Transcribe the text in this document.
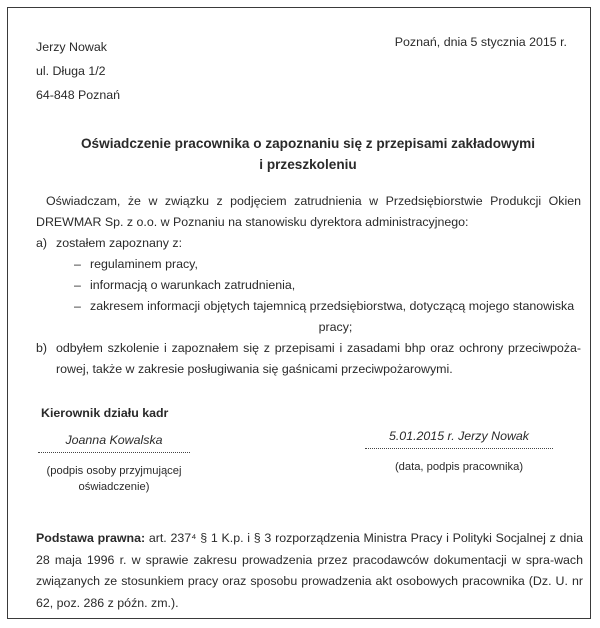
Jerzy Nowak
ul. Długa 1/2
64-848 Poznań
Poznań, dnia 5 stycznia 2015 r.
Oświadczenie pracownika o zapoznaniu się z przepisami zakładowymi i przeszkoleniu

Oświadczam, że w związku z podjęciem zatrudnienia w Przedsiębiorstwie Produkcji Okien DREWMAR Sp. z o.o. w Poznaniu na stanowisku dyrektora administracyjnego:

a) zostałem zapoznany z:
– regulaminem pracy,
– informacją o warunkach zatrudnienia,
– zakresem informacji objętych tajemnicą przedsiębiorstwa, dotyczącą mojego stanowiska
pracy;
b) odbyłem szkolenie i zapoznałem się z przepisami i zasadami bhp oraz ochrony przeciwpoża-rowej, także w zakresie posługiwania się gaśnicami przeciwpożarowymi.
Kierownik działu kadr
Joanna Kowalska
(podpis osoby przyjmującej oświadczenie)
5.01.2015 r. Jerzy Nowak
(data, podpis pracownika)

Podstawa prawna: art. 237⁴ § 1 K.p. i § 3 rozporządzenia Ministra Pracy i Polityki Socjalnej z dnia 28 maja 1996 r. w sprawie zakresu prowadzenia przez pracodawców dokumentacji w spra-wach związanych ze stosunkiem pracy oraz sposobu prowadzenia akt osobowych pracownika (Dz. U. nr 62, poz. 286 z późn. zm.).
